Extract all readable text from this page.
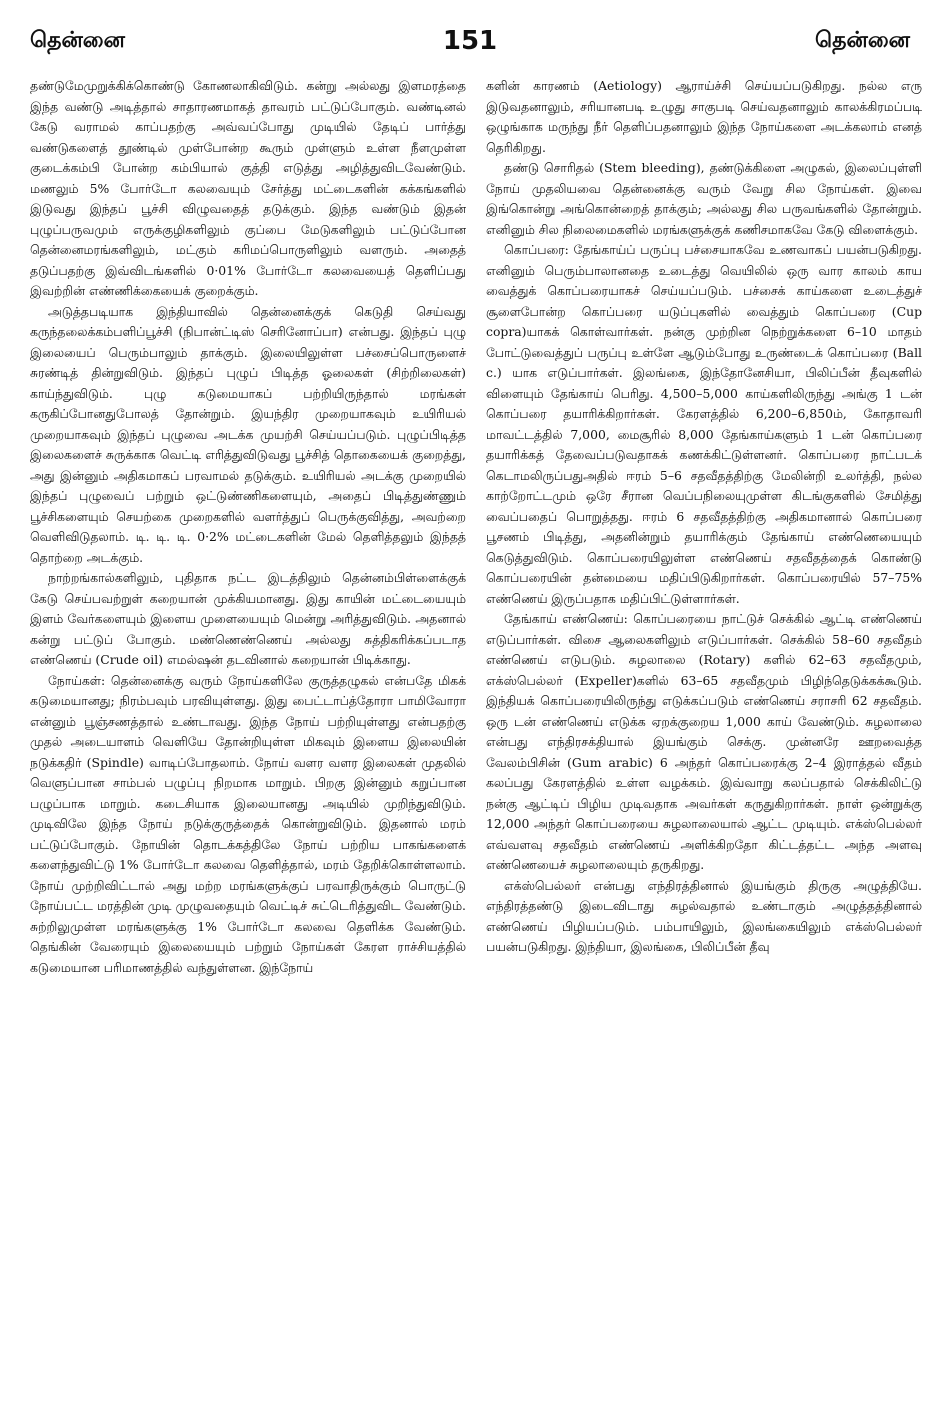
தென்னை	151	தென்னை

தண்டுமேமுறுக்கிக்கொண்டு கோணலாகிவிடும். கன்று அல்லது இளமரத்தை இந்த வண்டு அடித்தால் சாதாரணமாகத் தாவரம் பட்டுப்போகும். வண்டினல் கேடு வராமல் காப்பதற்கு அவ்வப்போது முடியில் தேடிப் பார்த்து வண்டுகளைத் தூண்டில் முள்போன்ற கூரும் முள்ளும் உள்ள நீளமுள்ள குடைக்கம்பி போன்ற கம்பியால் குத்தி எடுத்து அழித்துவிடவேண்டும். மணலும் 5% போர்டோ கலவையும் சேர்த்து மட்டைகளின் கக்கங்களில் இடுவது இந்தப் பூச்சி விழுவதைத் தடுக்கும். இந்த வண்டும் இதன் புழுப்பருவமும் எருக்குழிகளிலும் குப்பை மேடுகளிலும் பட்டுப்போன தென்னைமரங்களிலும், மட்கும் கரிமப்பொருளிலும் வளரும். அதைத் தடுப்பதற்கு இவ்விடங்களில் 0·01% போர்டோ கலவையைத் தெளிப்பது இவற்றின் எண்ணிக்கையைக் குறைக்கும்.

அடுத்தபடியாக இந்தியாவில் தென்னைக்குக் கெடுதி செய்வது கருந்தலைக்கம்பளிப்பூச்சி (நிபான்ட்டிஸ் செரினோப்பா) என்பது. இந்தப் புழு இலையைப் பெரும்பாலும் தாக்கும். இலையிலுள்ள பச்சைப்பொருளைச் சுரண்டித் தின்றுவிடும். இந்தப் புழுப் பிடித்த ஓலைகள் (சிற்றிலைகள்) காய்ந்துவிடும். புழு கடுமையாகப் பற்றியிருந்தால் மரங்கள் கருகிப்போனதுபோலத் தோன்றும். இயந்திர முறையாகவும் உயிரியல் முறையாகவும் இந்தப் புழுவை அடக்க முயற்சி செய்யப்படும். புழுப்பிடித்த இலைகளைச் சுருக்காக வெட்டி எரித்துவிடுவது பூச்சித் தொகையைக் குறைத்து, அது இன்னும் அதிகமாகப் பரவாமல் தடுக்கும். உயிரியல் அடக்கு முறையில் இந்தப் புழுவைப் பற்றும் ஒட்டுண்ணிகளையும், அதைப் பிடித்துண்ணும் பூச்சிகளையும் செயற்கை முறைகளில் வளர்த்துப் பெருக்குவித்து, அவற்றை வெளிவிடுதலாம். டி. டி. டி. 0·2% மட்டைகளின் மேல் தெளித்தலும் இந்தத் தொற்றை அடக்கும்.

நாற்றங்கால்களிலும், புதிதாக நட்ட இடத்திலும் தென்னம்பிள்ளைக்குக் கேடு செய்பவற்றுள் கறையான் முக்கியமானது. இது காயின் மட்டையையும் இளம் வேர்களையும் இளைய முளையையும் மென்று அரித்துவிடும். அதனால் கன்று பட்டுப் போகும். மண்ணெண்ணெய் அல்லது சுத்திகரிக்கப்படாத எண்ணெய் (Crude oil) எமல்ஷன் தடவினால் கறையான் பிடிக்காது.

நோய்கள்: தென்னைக்கு வரும் நோய்களிலே குருத்தழுகல் என்பதே மிகக் கடுமையானது; நிரம்பவும் பரவியுள்ளது. இது பைட்டாப்த்தோரா பாமிவோரா என்னும் பூஞ்சணத்தால் உண்டாவது. இந்த நோய் பற்றியுள்ளது என்பதற்கு முதல் அடையாளம் வெளியே தோன்றியுள்ள மிகவும் இளைய இலையின் நடுக்கதிர் (Spindle) வாடிப்போதலாம். நோய் வளர வளர இலைகள் முதலில் வெளுப்பான சாம்பல் பழுப்பு நிறமாக மாறும். பிறகு இன்னும் கறுப்பான பழுப்பாக மாறும். கடைசியாக இலையானது அடியில் முறிந்துவிடும். முடிவிலே இந்த நோய் நடுக்குருத்தைக் கொன்றுவிடும். இதனால் மரம் பட்டுப்போகும். நோயின் தொடக்கத்திலே நோய் பற்றிய பாகங்களைக் களைந்துவிட்டு 1% போர்டோ கலவை தெளித்தால், மரம் தேறிக்கொள்ளலாம். நோய் முற்றிவிட்டால் அது மற்ற மரங்களுக்குப் பரவாதிருக்கும் பொருட்டு நோய்பட்ட மரத்தின் முடி முழுவதையும் வெட்டிச் சுட்டெரித்துவிட வேண்டும். சுற்றிலுமுள்ள மரங்களுக்கு 1% போர்டோ கலவை தெளிக்க வேண்டும். தெங்கின் வேரையும் இலையையும் பற்றும் நோய்கள் கேரள ராச்சியத்தில் கடுமையான பரிமாணத்தில் வந்துள்ளன. இந்நோய்

களின் காரணம் (Aetiology) ஆராய்ச்சி செய்யப்படுகிறது. நல்ல எரு இடுவதனாலும், சரியானபடி உழுது சாகுபடி செய்வதனாலும் காலக்கிரமப்படி ஒழுங்காக மருந்து நீர் தெளிப்பதனாலும் இந்த நோய்களை அடக்கலாம் எனத் தெரிகிறது.

தண்டு சொரிதல் (Stem bleeding), தண்டுக்கிளை அழுகல், இலைப்புள்ளி நோய் முதலியவை தென்னைக்கு வரும் வேறு சில நோய்கள். இவை இங்கொன்று அங்கொன்றைத் தாக்கும்; அல்லது சில பருவங்களில் தோன்றும். எனினும் சில நிலைமைகளில் மரங்களுக்குக் கணிசமாகவே கேடு விளைக்கும்.

கொப்பரை: தேங்காய்ப் பருப்பு பச்சையாகவே உணவாகப் பயன்படுகிறது. எனினும் பெரும்பாலானதை உடைத்து வெயிலில் ஒரு வார காலம் காய வைத்துக் கொப்பரையாகச் செய்யப்படும். பச்சைக் காய்களை உடைத்துச் சூளைபோன்ற கொப்பரை யடுப்புகளில் வைத்தும் கொப்பரை (Cup copra)யாகக் கொள்வார்கள். நன்கு முற்றின நெற்றுக்களை 6–10 மாதம் போட்டுவைத்துப் பருப்பு உள்ளே ஆடும்போது உருண்டைக் கொப்பரை (Ball c.) யாக எடுப்பார்கள். இலங்கை, இந்தோனேசியா, பிலிப்பீன் தீவுகளில் விளையும் தேங்காய் பெரிது. 4,500–5,000 காய்களிலிருந்து அங்கு 1 டன் கொப்பரை தயாரிக்கிறார்கள். கேரளத்தில் 6,200–6,850ம், கோதாவரி மாவட்டத்தில் 7,000, மைசூரில் 8,000 தேங்காய்களும் 1 டன் கொப்பரை தயாரிக்கத் தேவைப்படுவதாகக் கணக்கிட்டுள்ளனர். கொப்பரை நாட்படக் கெடாமலிருப்பதுஅதில் ஈரம் 5–6 சதவீதத்திற்கு மேலின்றி உலர்த்தி, நல்ல காற்றோட்டமும் ஒரே சீரான வெப்பநிலையுமுள்ள கிடங்குகளில் சேமித்து வைப்பதைப் பொறுத்தது. ஈரம் 6 சதவீதத்திற்கு அதிகமானால் கொப்பரை பூசணம் பிடித்து, அதனின்றும் தயாரிக்கும் தேங்காய் எண்ணெயையும் கெடுத்துவிடும். கொப்பரையிலுள்ள எண்ணெய் சதவீதத்தைக் கொண்டு கொப்பரையின் தன்மையை மதிப்பிடுகிறார்கள். கொப்பரையில் 57–75% எண்ணெய் இருப்பதாக மதிப்பிட்டுள்ளார்கள்.

தேங்காய் எண்ணெய்: கொப்பரையை நாட்டுச் செக்கில் ஆட்டி எண்ணெய் எடுப்பார்கள். விசை ஆலைகளிலும் எடுப்பார்கள். செக்கில் 58–60 சதவீதம் எண்ணெய் எடுபடும். சுழலாலை (Rotary) களில் 62–63 சதவீதமும், எக்ஸ்பெல்லர் (Expeller)களில் 63–65 சதவீதமும் பிழிந்தெடுக்கக்கூடும். இந்தியக் கொப்பரையிலிருந்து எடுக்கப்படும் எண்ணெய் சராசரி 62 சதவீதம். ஒரு டன் எண்ணெய் எடுக்க ஏறக்குறைய 1,000 காய் வேண்டும். சுழலாலை என்பது எந்திரசக்தியால் இயங்கும் செக்கு. முன்னரே ஊறவைத்த வேலம்பிசின் (Gum arabic) 6 அந்தர் கொப்பரைக்கு 2–4 இராத்தல் வீதம் கலப்பது கேரளத்தில் உள்ள வழக்கம். இவ்வாறு கலப்பதால் செக்கிலிட்டு நன்கு ஆட்டிப் பிழிய முடிவதாக அவர்கள் கருதுகிறார்கள். நாள் ஒன்றுக்கு 12,000 அந்தர் கொப்பரையை சுழலாலையால் ஆட்ட முடியும். எக்ஸ்பெல்லர் எவ்வளவு சதவீதம் எண்ணெய் அளிக்கிறதோ கிட்டத்தட்ட அந்த அளவு எண்ணெயைச் சுழலாலையும் தருகிறது.

எக்ஸ்பெல்லர் என்பது எந்திரத்தினால் இயங்கும் திருகு அழுத்தியே. எந்திரத்தண்டு இடைவிடாது சுழல்வதால் உண்டாகும் அழுத்தத்தினால் எண்ணெய் பிழியப்படும். பம்பாயிலும், இலங்கையிலும் எக்ஸ்பெல்லர் பயன்படுகிறது. இந்தியா, இலங்கை, பிலிப்பீன் தீவு
